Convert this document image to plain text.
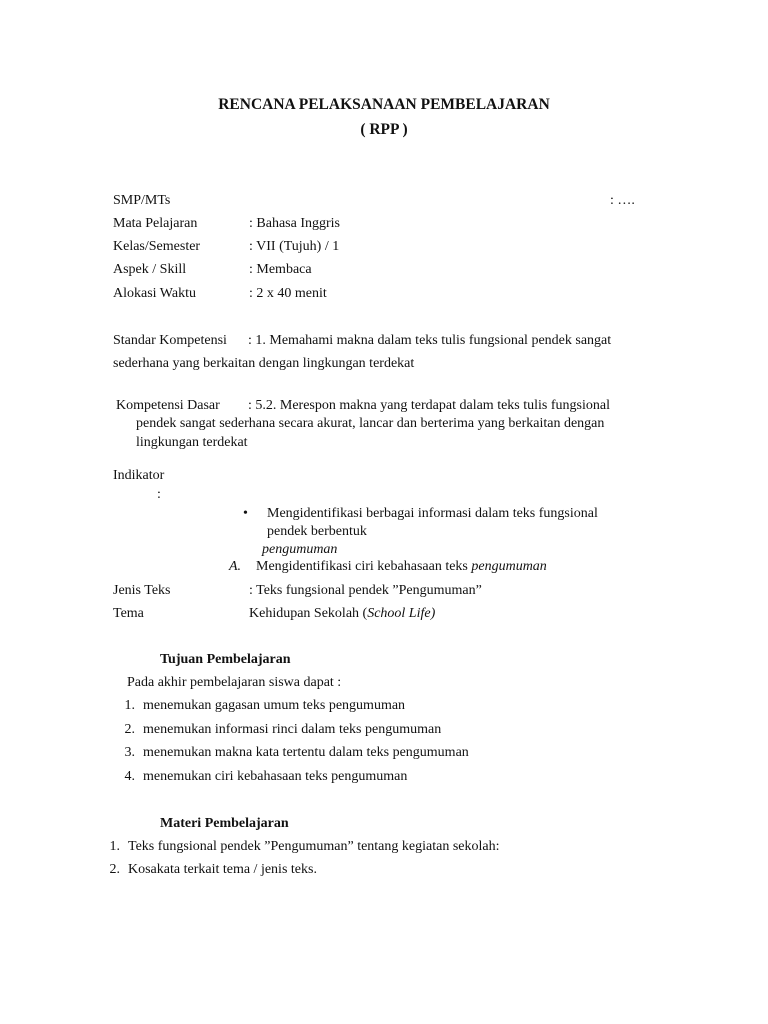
RENCANA PELAKSANAAN PEMBELAJARAN
( RPP )
SMP/MTs	: ….
Mata Pelajaran	: Bahasa Inggris
Kelas/Semester	: VII (Tujuh) / 1
Aspek / Skill	: Membaca
Alokasi Waktu	: 2 x 40 menit
Standar Kompetensi : 1. Memahami makna dalam teks tulis fungsional pendek sangat
sederhana yang berkaitan dengan lingkungan terdekat
Kompetensi Dasar : 5.2. Merespon makna yang terdapat dalam teks tulis fungsional
pendek sangat sederhana secara akurat, lancar dan berterima yang berkaitan dengan
lingkungan terdekat
Indikator
:
• Mengidentifikasi berbagai informasi dalam teks fungsional
pendek berbentuk
pengumuman
A. Mengidentifikasi ciri kebahasaan teks pengumuman
Jenis Teks	: Teks fungsional pendek ”Pengumuman”
Tema	Kehidupan Sekolah (School Life)
Tujuan Pembelajaran
Pada akhir pembelajaran siswa dapat :
1. menemukan gagasan umum teks pengumuman
2. menemukan informasi rinci dalam teks pengumuman
3. menemukan makna kata tertentu dalam teks pengumuman
4. menemukan ciri kebahasaan teks pengumuman
Materi Pembelajaran
1. Teks fungsional pendek ”Pengumuman” tentang kegiatan sekolah:
2. Kosakata terkait tema / jenis teks.
